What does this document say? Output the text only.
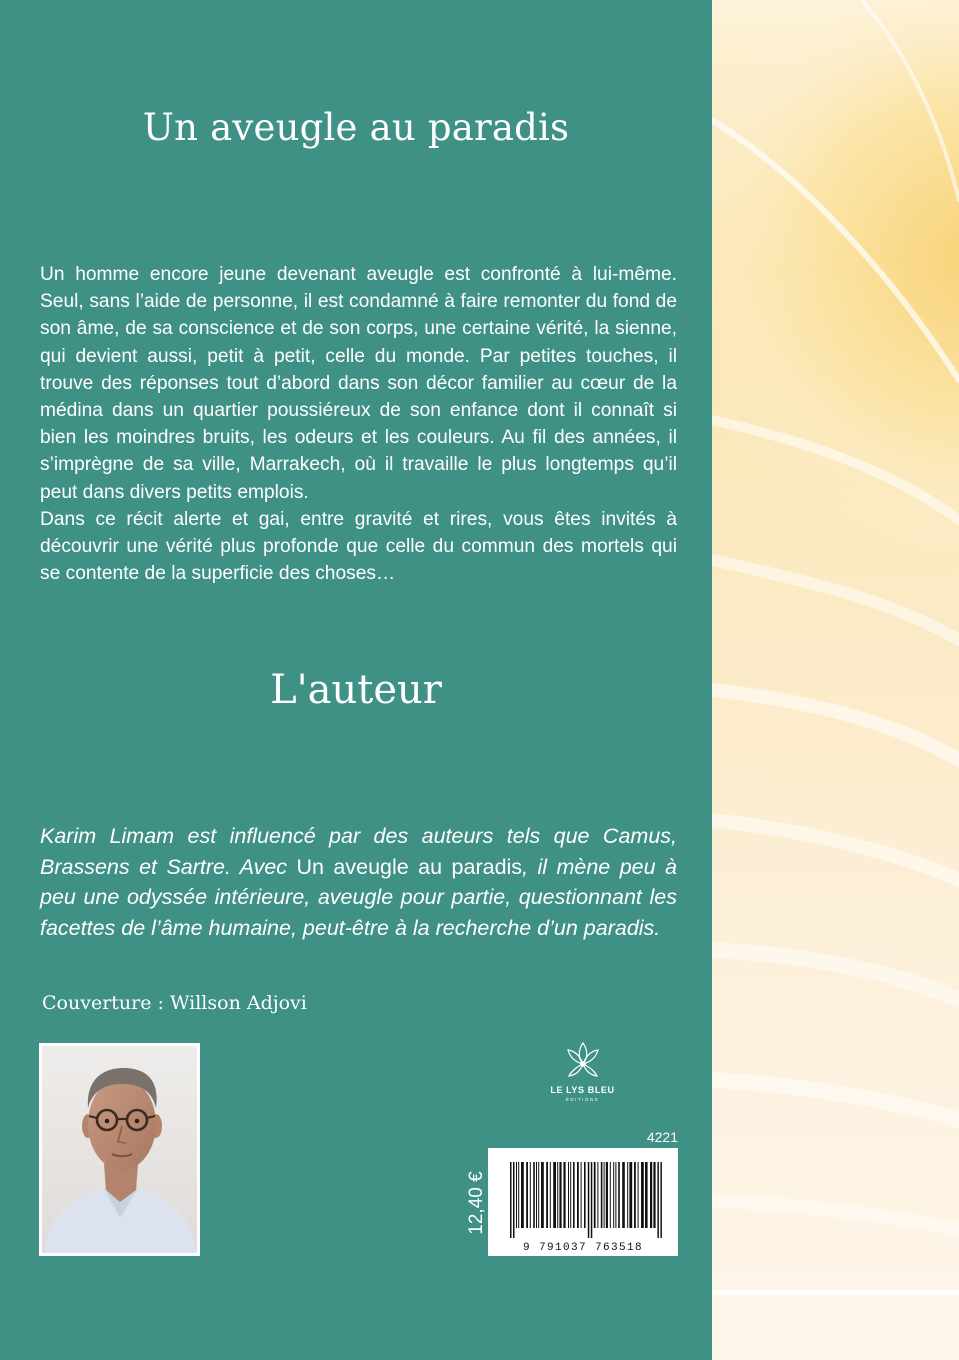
Un aveugle au paradis
Un homme encore jeune devenant aveugle est confronté à lui-même. Seul, sans l’aide de personne, il est condamné à faire remonter du fond de son âme, de sa conscience et de son corps, une certaine vérité, la sienne, qui devient aussi, petit à petit, celle du monde. Par petites touches, il trouve des réponses tout d’abord dans son décor familier au cœur de la médina dans un quartier poussiéreux de son enfance dont il connaît si bien les moindres bruits, les odeurs et les couleurs. Au fil des années, il s’imprègne de sa ville, Marrakech, où il travaille le plus longtemps qu’il peut dans divers petits emplois.
Dans ce récit alerte et gai, entre gravité et rires, vous êtes invités à découvrir une vérité plus profonde que celle du commun des mortels qui se contente de la superficie des choses…
L'auteur

Karim Limam est influencé par des auteurs tels que Camus, Brassens et Sartre. Avec Un aveugle au paradis, il mène peu à peu une odyssée intérieure, aveugle pour partie, questionnant les facettes de l’âme humaine, peut-être à la recherche d’un paradis.

Couverture : Willson Adjovi
LE LYS BLEU
ÉDITIONS
4221
12,40 €
9 791037 763518
